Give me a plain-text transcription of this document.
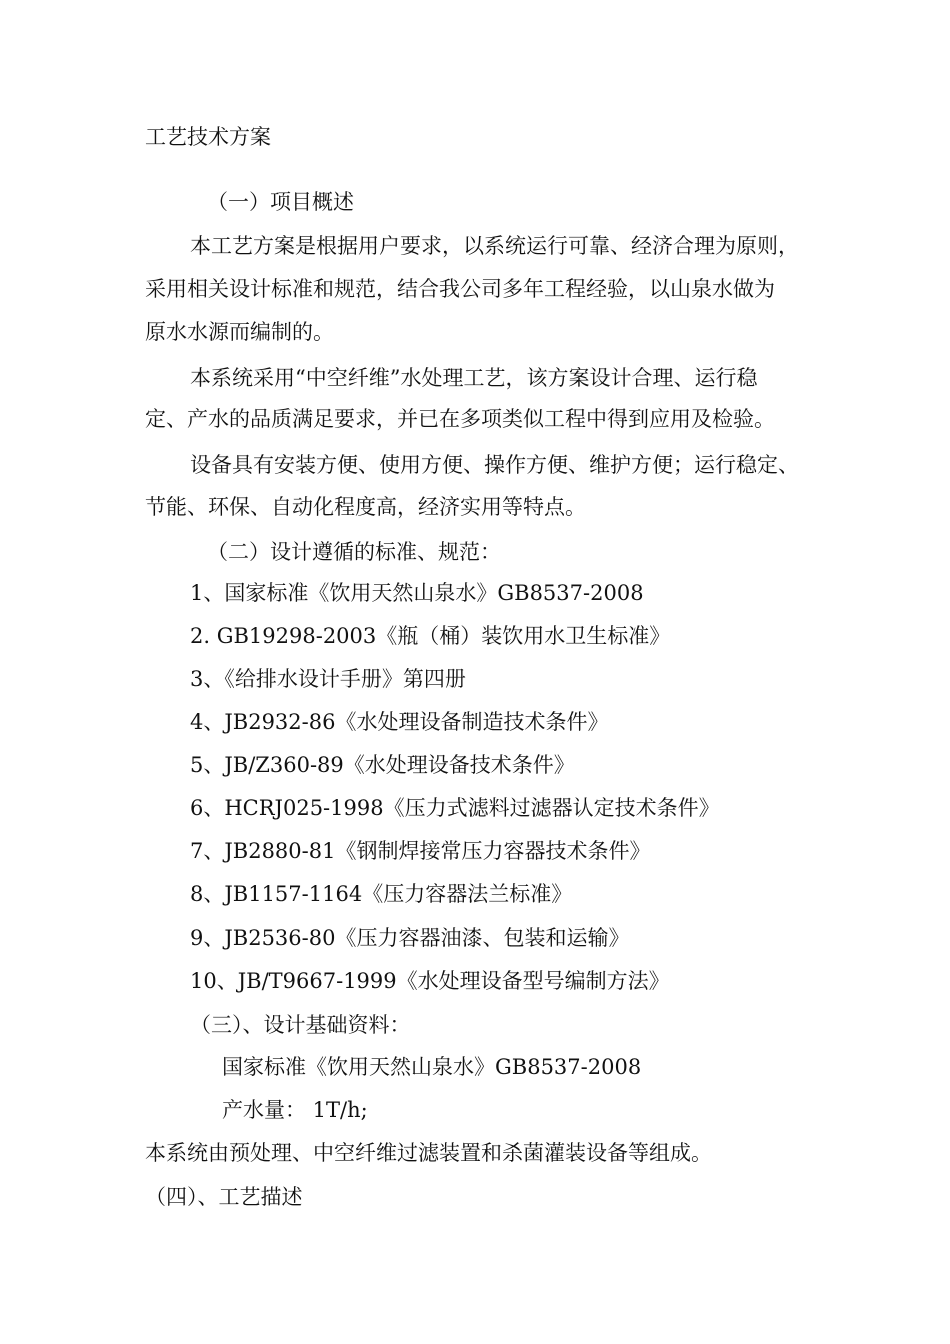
工艺技术方案
（一）项目概述
本工艺方案是根据用户要求，以系统运行可靠、经济合理为原则，
采用相关设计标准和规范，结合我公司多年工程经验，以山泉水做为
原水水源而编制的。
本系统采用“中空纤维”水处理工艺，该方案设计合理、运行稳
定、产水的品质满足要求，并已在多项类似工程中得到应用及检验。
设备具有安装方便、使用方便、操作方便、维护方便；运行稳定、
节能、环保、自动化程度高，经济实用等特点。
（二）设计遵循的标准、规范：
1、国家标准《饮用天然山泉水》GB8537-2008
2. GB19298-2003《瓶（桶）装饮用水卫生标准》
3、《给排水设计手册》第四册
4、JB2932-86《水处理设备制造技术条件》
5、JB/Z360-89《水处理设备技术条件》
6、HCRJ025-1998《压力式滤料过滤器认定技术条件》
7、JB2880-81《钢制焊接常压力容器技术条件》
8、JB1157-1164《压力容器法兰标准》
9、JB2536-80《压力容器油漆、包装和运输》
10、JB/T9667-1999《水处理设备型号编制方法》
（三）、设计基础资料：
国家标准《饮用天然山泉水》GB8537-2008
产水量： 1T/h;
本系统由预处理、中空纤维过滤装置和杀菌灌装设备等组成。
（四）、工艺描述
